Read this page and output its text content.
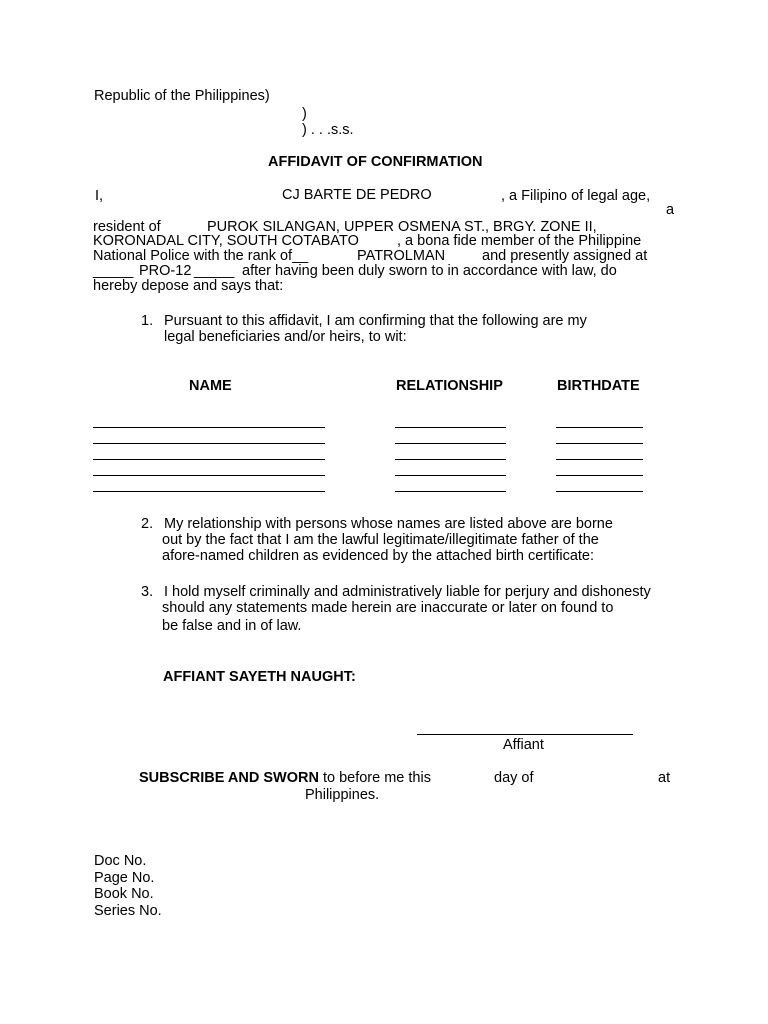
Republic of the Philippines)
)
) . . .s.s.
AFFIDAVIT OF CONFIRMATION
I,	CJ BARTE DE PEDRO	, a Filipino of legal age,
a
resident of	PUROK SILANGAN, UPPER OSMENA ST., BRGY. ZONE II,
KORONADAL CITY, SOUTH COTABATO	, a bona fide member of the Philippine
National Police with the rank of__	PATROLMAN	and presently assigned at
_____ PRO-12 _____ after having been duly sworn to in accordance with law, do
hereby depose and says that:
1. Pursuant to this affidavit, I am confirming that the following are my
legal beneficiaries and/or heirs, to wit:
NAME	RELATIONSHIP	BIRTHDATE
2. My relationship with persons whose names are listed above are borne
out by the fact that I am the lawful legitimate/illegitimate father of the
afore-named children as evidenced by the attached birth certificate:
3. I hold myself criminally and administratively liable for perjury and dishonesty
should any statements made herein are inaccurate or later on found to
be false and in of law.
AFFIANT SAYETH NAUGHT:
Affiant
SUBSCRIBE AND SWORN to before me this	day of	at
Philippines.
Doc No.
Page No.
Book No.
Series No.
